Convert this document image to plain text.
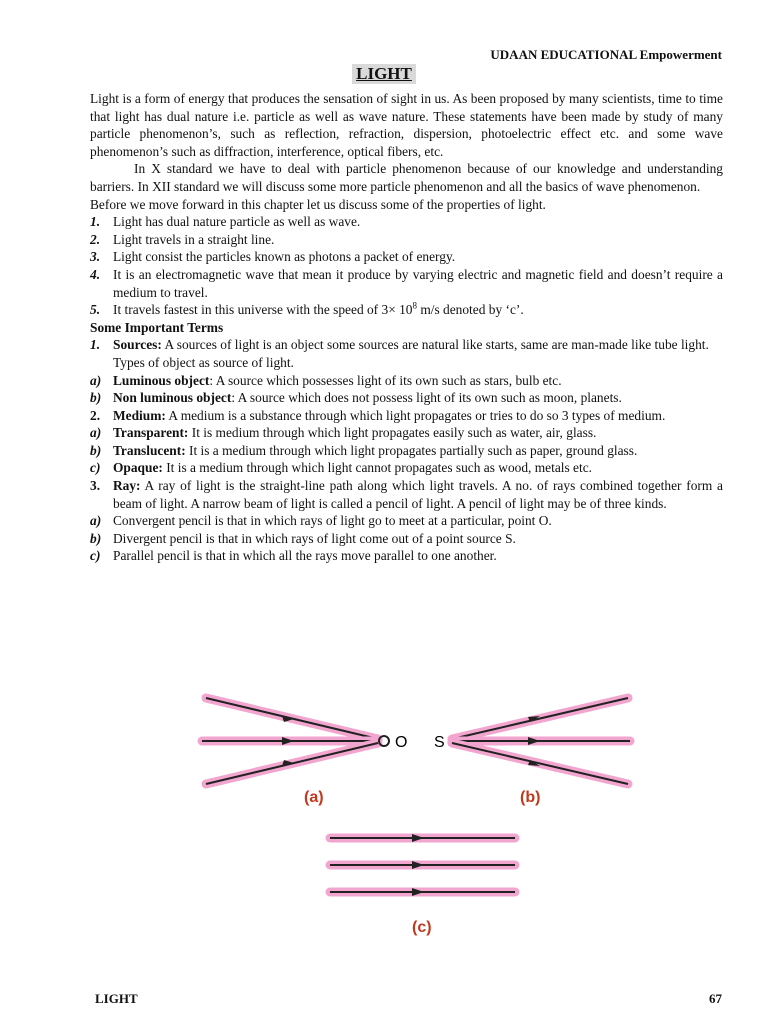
UDAAN EDUCATIONAL Empowerment
LIGHT

Light is a form of energy that produces the sensation of sight in us. As been proposed by many scientists, time to time that light has dual nature i.e. particle as well as wave nature. These statements have been made by study of many particle phenomenon’s, such as reflection, refraction, dispersion, photoelectric effect etc. and some wave phenomenon’s such as diffraction, interference, optical fibers, etc.

In X standard we have to deal with particle phenomenon because of our knowledge and understanding barriers. In XII standard we will discuss some more particle phenomenon and all the basics of wave phenomenon.

Before we move forward in this chapter let us discuss some of the properties of light.

1. Light has dual nature particle as well as wave.
2. Light travels in a straight line.
3. Light consist the particles known as photons a packet of energy.
4. It is an electromagnetic wave that mean it produce by varying electric and magnetic field and doesn’t require a medium to travel.
5. It travels fastest in this universe with the speed of $3\times 10^8$ m/s denoted by ‘c’.

Some Important Terms

1. Sources: A sources of light is an object some sources are natural like starts, same are man-made like tube light.

Types of object as source of light.

a) Luminous object: A source which possesses light of its own such as stars, bulb etc.
b) Non luminous object: A source which does not possess light of its own such as moon, planets.
2. Medium: A medium is a substance through which light propagates or tries to do so 3 types of medium.
a) Transparent: It is medium through which light propagates easily such as water, air, glass.
b) Translucent: It is a medium through which light propagates partially such as paper, ground glass.
c) Opaque: It is a medium through which light cannot propagates such as wood, metals etc.
3. Ray: A ray of light is the straight-line path along which light travels. A no. of rays combined together form a beam of light. A narrow beam of light is called a pencil of light. A pencil of light may be of three kinds.
a) Convergent pencil is that in which rays of light go to meet at a particular, point O.
b) Divergent pencil is that in which rays of light come out of a point source S.
c) Parallel pencil is that in which all the rays move parallel to one another.
O
(a)
S
(b)
(c)
LIGHT	67
